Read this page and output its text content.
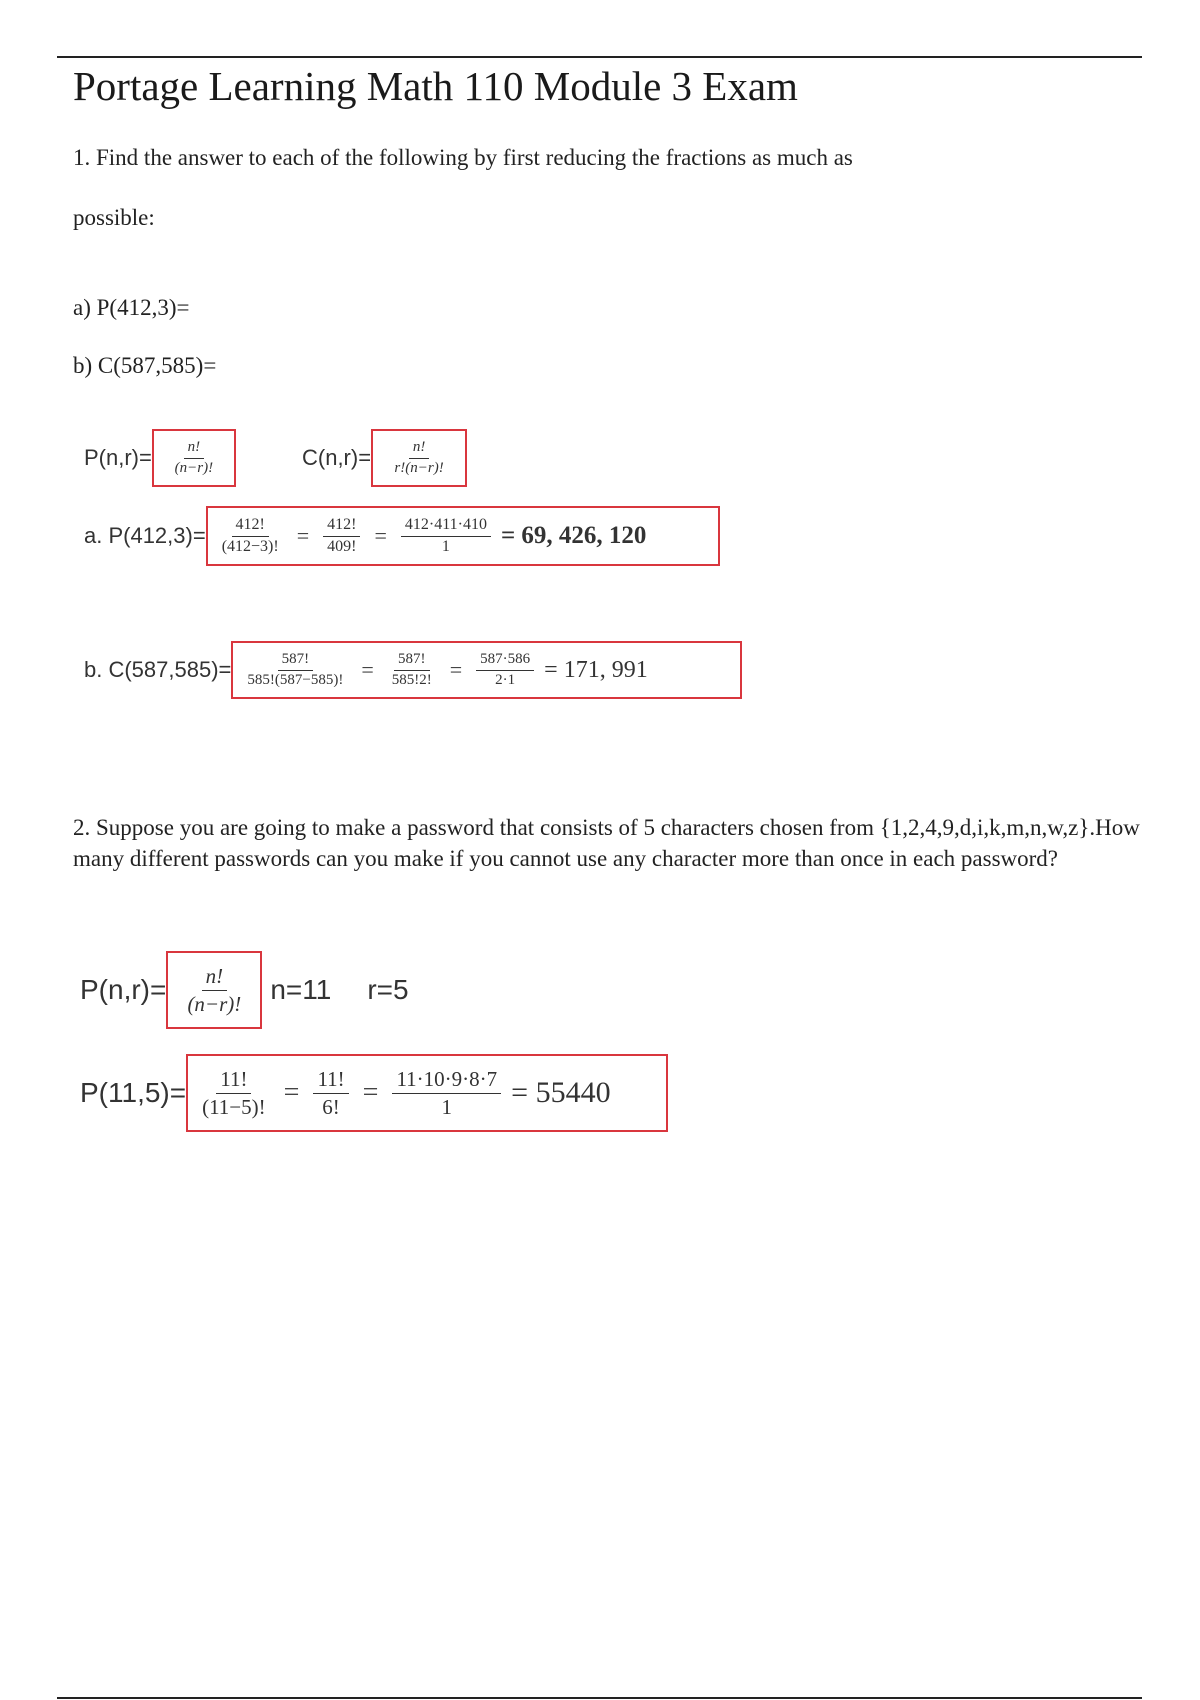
Portage Learning Math 110 Module 3 Exam
1. Find the answer to each of the following by first reducing the fractions as much as
possible:
a) P(412,3)=
b) C(587,585)=
$P(n,r)= \frac{n!}{(n-r)!}$	$C(n,r)= \frac{n!}{r!(n-r)!}$
a. $P(412,3)= \frac{412!}{(412-3)!} = \frac{412!}{409!} = \frac{412\cdot 411\cdot 410}{1} = 69$, 426, 120
b. $C(587,585)= \frac{587!}{585!(587-585)!} = \frac{587!}{585!2!} = \frac{587\cdot 586}{2\cdot 1} = 171$, 991
2. Suppose you are going to make a password that consists of 5 characters chosen from {1,2,4,9,d,i,k,m,n,w,z}.How many different passwords can you make if you cannot use any character more than once in each password?
$P(n,r)= \frac{n!}{(n-r)!} n=11$ r=5
$P(11,5)= \frac{11!}{(11-5)!} = \frac{11!}{6!} = \frac{11\cdot 10\cdot 9\cdot 8\cdot 7}{1} = 55440$
